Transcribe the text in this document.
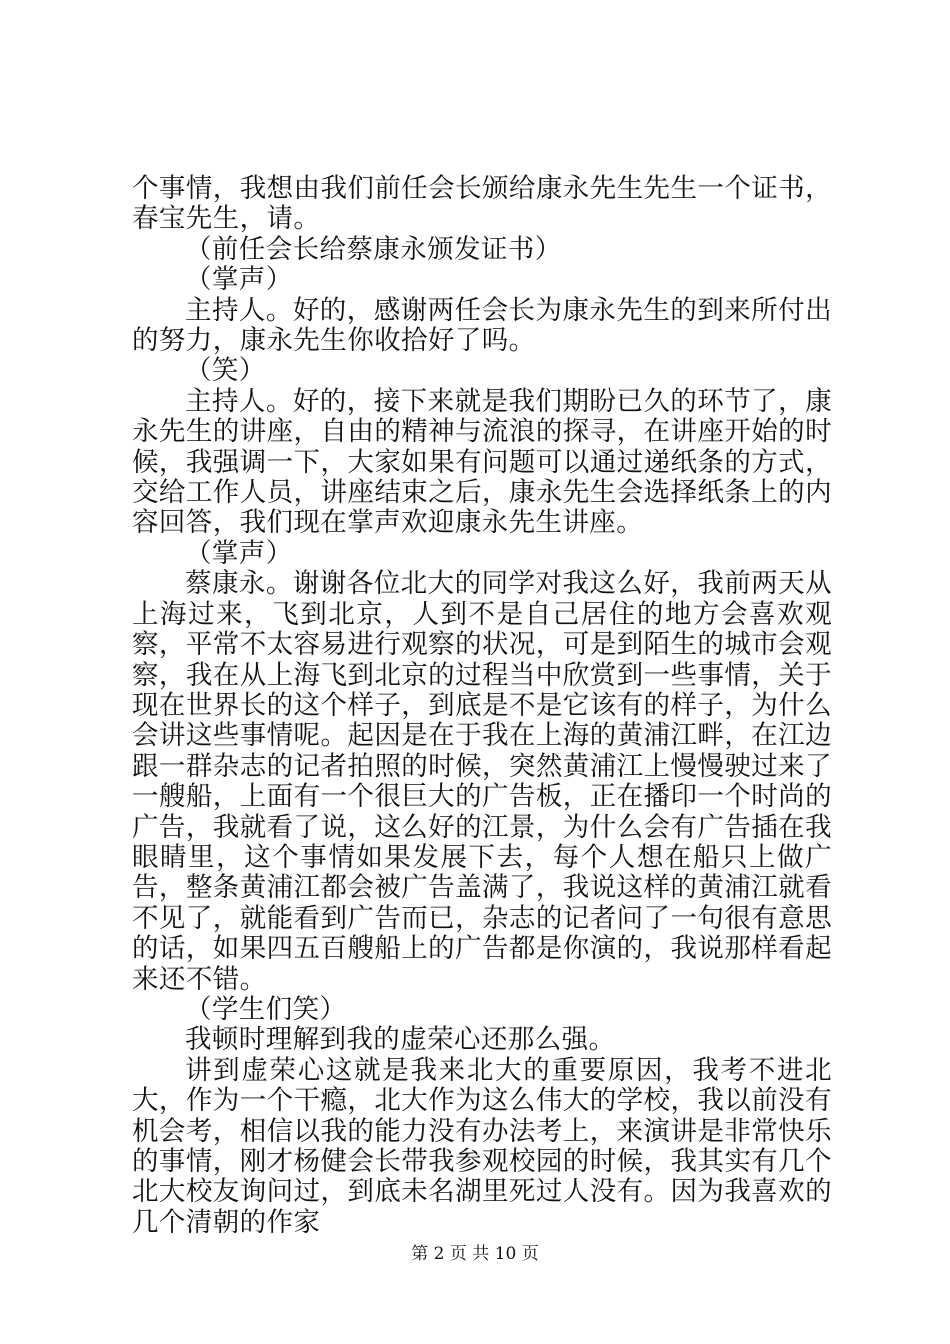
个事情，我想由我们前任会长颁给康永先生先生一个证书，春宝先生，请。

（前任会长给蔡康永颁发证书）

（掌声）

主持人。好的，感谢两任会长为康永先生的到来所付出的努力，康永先生你收拾好了吗。

（笑）

主持人。好的，接下来就是我们期盼已久的环节了，康永先生的讲座，自由的精神与流浪的探寻，在讲座开始的时候，我强调一下，大家如果有问题可以通过递纸条的方式，交给工作人员，讲座结束之后，康永先生会选择纸条上的内容回答，我们现在掌声欢迎康永先生讲座。

（掌声）

蔡康永。谢谢各位北大的同学对我这么好，我前两天从上海过来，飞到北京，人到不是自己居住的地方会喜欢观察，平常不太容易进行观察的状况，可是到陌生的城市会观察，我在从上海飞到北京的过程当中欣赏到一些事情，关于现在世界长的这个样子，到底是不是它该有的样子，为什么会讲这些事情呢。起因是在于我在上海的黄浦江畔，在江边跟一群杂志的记者拍照的时候，突然黄浦江上慢慢驶过来了一艘船，上面有一个很巨大的广告板，正在播印一个时尚的广告，我就看了说，这么好的江景，为什么会有广告插在我眼睛里，这个事情如果发展下去，每个人想在船只上做广告，整条黄浦江都会被广告盖满了，我说这样的黄浦江就看不见了，就能看到广告而已，杂志的记者问了一句很有意思的话，如果四五百艘船上的广告都是你演的，我说那样看起来还不错。

（学生们笑）

我顿时理解到我的虚荣心还那么强。

讲到虚荣心这就是我来北大的重要原因，我考不进北大，作为一个干瘾，北大作为这么伟大的学校，我以前没有机会考，相信以我的能力没有办法考上，来演讲是非常快乐的事情，刚才杨健会长带我参观校园的时候，我其实有几个北大校友询问过，到底未名湖里死过人没有。因为我喜欢的几个清朝的作家

第 2 页 共 10 页
